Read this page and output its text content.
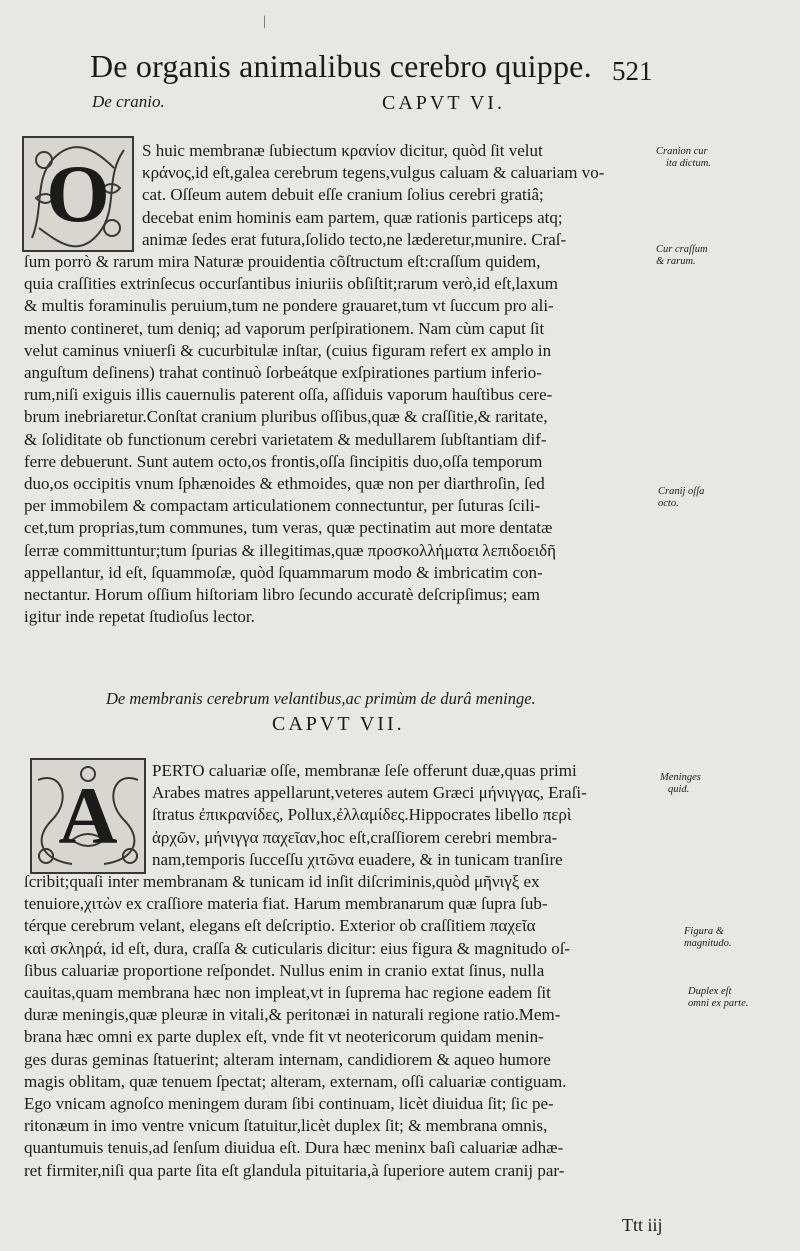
|
De organis animalibus cerebro quippe. 521
De cranio.	CAPVT VI.
O	S huic membranæ ſubiectum κρανίον dicitur, quòd ſit velut
κράνος,id eſt,galea cerebrum tegens,vulgus caluam & caluariam vo-
cat. Oſſeum autem debuit eſſe cranium ſolius cerebri gratiâ;
decebat enim hominis eam partem, quæ rationis particeps atq;
animæ ſedes erat futura,ſolido tecto,ne læderetur,munire. Craſ-
ſum porrò & rarum mira Naturæ prouidentia cõſtructum eſt:craſſum quidem,
quia craſſities extrinſecus occurſantibus iniuriis obſiſtit;rarum verò,id eſt,laxum
& multis foraminulis peruium,tum ne pondere grauaret,tum vt ſuccum pro ali-
mento contineret, tum deniq; ad vaporum perſpirationem. Nam cùm caput ſit
velut caminus vniuerſi & cucurbitulæ inſtar, (cuius figuram refert ex amplo in
anguſtum deſinens) trahat continuò ſorbeátque exſpirationes partium inferio-
rum,niſi exiguis illis cauernulis paterent oſſa, aſſiduis vaporum hauſtibus cere-
brum inebriaretur.Conſtat cranium pluribus oſſibus,quæ & craſſitie,& raritate,
& ſoliditate ob functionum cerebri varietatem & medullarem ſubſtantiam dif-
ferre debuerunt. Sunt autem octo,os frontis,oſſa ſincipitis duo,oſſa temporum
duo,os occipitis vnum ſphænoides & ethmoides, quæ non per diarthroſin, ſed
per immobilem & compactam articulationem connectuntur, per ſuturas ſcili-
cet,tum proprias,tum communes, tum veras, quæ pectinatim aut more dentatæ
ſerræ committuntur;tum ſpurias & illegitimas,quæ προσκολλήματα λεπιδοειδῆ
appellantur, id eſt, ſquammoſæ, quòd ſquammarum modo & imbricatim con-
nectantur. Horum oſſium hiſtoriam libro ſecundo accuratè deſcripſimus; eam
igitur inde repetat ſtudioſus lector.
De membranis cerebrum velantibus,ac primùm de durâ meninge.
CAPVT VII.
A	PERTO caluariæ oſſe, membranæ ſeſe offerunt duæ,quas primi
Arabes matres appellarunt,veteres autem Græci μήνιγγας, Eraſi-
ſtratus ἐπικρανίδες, Pollux,ἐλλαμίδες.Hippocrates libello περὶ
ἀρχῶν, μήνιγγα παχεῖαν,hoc eſt,craſſiorem cerebri membra-
nam,temporis ſucceſſu χιτῶνα euadere, & in tunicam tranſire
ſcribit;quaſi inter membranam & tunicam id inſit diſcriminis,quòd μῆνιγξ ex
tenuiore,χιτὼν ex craſſiore materia fiat. Harum membranarum quæ ſupra ſub-
térque cerebrum velant, elegans eſt deſcriptio. Exterior ob craſſitiem παχεῖα
καὶ σκληρά, id eſt, dura, craſſa & cuticularis dicitur: eius figura & magnitudo oſ-
ſibus caluariæ proportione reſpondet. Nullus enim in cranio extat ſinus, nulla
cauitas,quam membrana hæc non impleat,vt in ſuprema hac regione eadem ſit
duræ meningis,quæ pleuræ in vitali,& peritonæi in naturali regione ratio.Mem-
brana hæc omni ex parte duplex eſt, vnde fit vt neotericorum quidam menin-
ges duras geminas ſtatuerint; alteram internam, candidiorem & aqueo humore
magis oblitam, quæ tenuem ſpectat; alteram, externam, oſſi caluariæ contiguam.
Ego vnicam agnoſco meningem duram ſibi continuam, licèt diuidua ſit; ſic pe-
ritonæum in imo ventre vnicum ſtatuitur,licèt duplex ſit; & membrana omnis,
quantumuis tenuis,ad ſenſum diuidua eſt. Dura hæc meninx baſi caluariæ adhæ-
ret firmiter,niſi qua parte ſita eſt glandula pituitaria,à ſuperiore autem cranij par-
Cranion cur
ita dictum.
Cur craſſum
& rarum.
Cranij oſſa
octo.
Meninges
quid.
Figura &
magnitudo.
Duplex eſt
omni ex parte.
Ttt iij
